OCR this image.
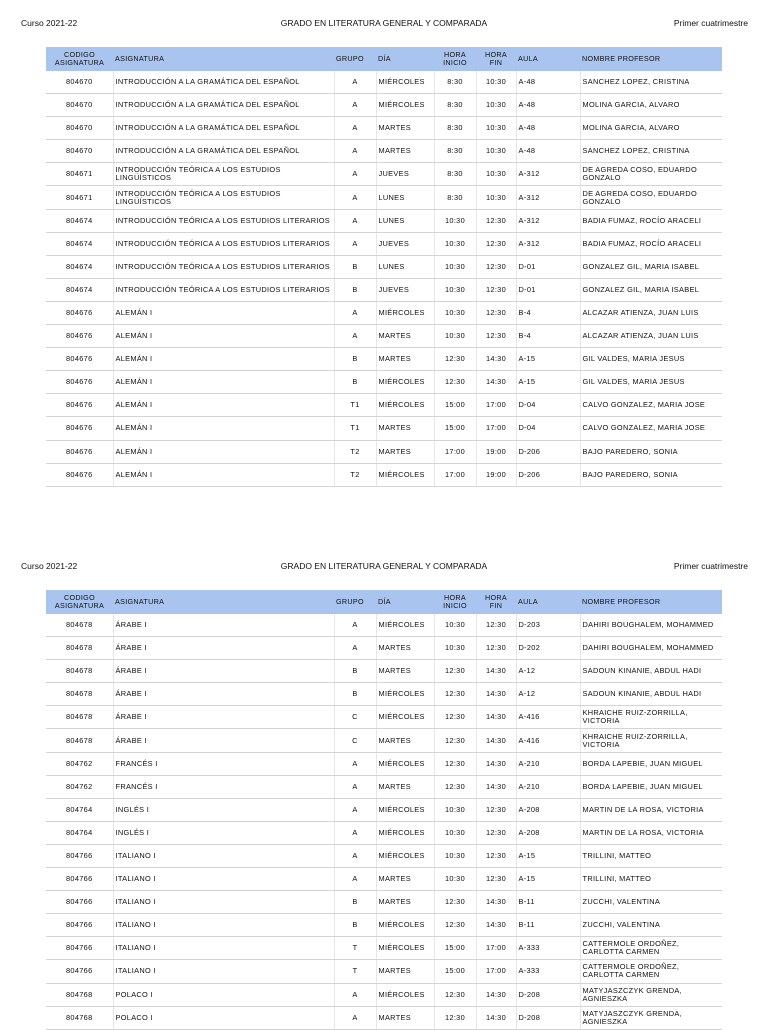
Curso 2021-22	GRADO EN LITERATURA GENERAL Y COMPARADA	Primer cuatrimestre
CODIGO ASIGNATURA	ASIGNATURA	GRUPO	DÍA	HORA INICIO	HORA FIN	AULA	NOMBRE PROFESOR
804670	INTRODUCCIÓN A LA GRAMÁTICA DEL ESPAÑOL	A	MIÉRCOLES	8:30	10:30	A-48	SANCHEZ LOPEZ, CRISTINA
804670	INTRODUCCIÓN A LA GRAMÁTICA DEL ESPAÑOL	A	MIÉRCOLES	8:30	10:30	A-48	MOLINA GARCIA, ALVARO
804670	INTRODUCCIÓN A LA GRAMÁTICA DEL ESPAÑOL	A	MARTES	8:30	10:30	A-48	MOLINA GARCIA, ALVARO
804670	INTRODUCCIÓN A LA GRAMÁTICA DEL ESPAÑOL	A	MARTES	8:30	10:30	A-48	SANCHEZ LOPEZ, CRISTINA
804671	INTRODUCCIÓN TEÓRICA A LOS ESTUDIOS LINGÜÍSTICOS	A	JUEVES	8:30	10:30	A-312	DE AGREDA COSO, EDUARDO GONZALO
804671	INTRODUCCIÓN TEÓRICA A LOS ESTUDIOS LINGÜÍSTICOS	A	LUNES	8:30	10:30	A-312	DE AGREDA COSO, EDUARDO GONZALO
804674	INTRODUCCIÓN TEÓRICA A LOS ESTUDIOS LITERARIOS	A	LUNES	10:30	12:30	A-312	BADIA FUMAZ, ROCÍO ARACELI
804674	INTRODUCCIÓN TEÓRICA A LOS ESTUDIOS LITERARIOS	A	JUEVES	10:30	12:30	A-312	BADIA FUMAZ, ROCÍO ARACELI
804674	INTRODUCCIÓN TEÓRICA A LOS ESTUDIOS LITERARIOS	B	LUNES	10:30	12:30	D-01	GONZALEZ GIL, MARIA ISABEL
804674	INTRODUCCIÓN TEÓRICA A LOS ESTUDIOS LITERARIOS	B	JUEVES	10:30	12:30	D-01	GONZALEZ GIL, MARIA ISABEL
804676	ALEMÁN I	A	MIÉRCOLES	10:30	12:30	B-4	ALCAZAR ATIENZA, JUAN LUIS
804676	ALEMÁN I	A	MARTES	10:30	12:30	B-4	ALCAZAR ATIENZA, JUAN LUIS
804676	ALEMÁN I	B	MARTES	12:30	14:30	A-15	GIL VALDES, MARIA JESUS
804676	ALEMÁN I	B	MIÉRCOLES	12:30	14:30	A-15	GIL VALDES, MARIA JESUS
804676	ALEMÁN I	T1	MIÉRCOLES	15:00	17:00	D-04	CALVO GONZALEZ, MARIA JOSE
804676	ALEMÁN I	T1	MARTES	15:00	17:00	D-04	CALVO GONZALEZ, MARIA JOSE
804676	ALEMÁN I	T2	MARTES	17:00	19:00	D-206	BAJO PAREDERO, SONIA
804676	ALEMÁN I	T2	MIÉRCOLES	17:00	19:00	D-206	BAJO PAREDERO, SONIA
Curso 2021-22	GRADO EN LITERATURA GENERAL Y COMPARADA	Primer cuatrimestre
CODIGO ASIGNATURA	ASIGNATURA	GRUPO	DÍA	HORA INICIO	HORA FIN	AULA	NOMBRE PROFESOR
804678	ÁRABE I	A	MIÉRCOLES	10:30	12:30	D-203	DAHIRI BOUGHALEM, MOHAMMED
804678	ÁRABE I	A	MARTES	10:30	12:30	D-202	DAHIRI BOUGHALEM, MOHAMMED
804678	ÁRABE I	B	MARTES	12:30	14:30	A-12	SADOUN KINANIE, ABDUL HADI
804678	ÁRABE I	B	MIÉRCOLES	12:30	14:30	A-12	SADOUN KINANIE, ABDUL HADI
804678	ÁRABE I	C	MIÉRCOLES	12:30	14:30	A-416	KHRAICHE RUIZ-ZORRILLA, VICTORIA
804678	ÁRABE I	C	MARTES	12:30	14:30	A-416	KHRAICHE RUIZ-ZORRILLA, VICTORIA
804762	FRANCÉS I	A	MIÉRCOLES	12:30	14:30	A-210	BORDA LAPEBIE, JUAN MIGUEL
804762	FRANCÉS I	A	MARTES	12:30	14:30	A-210	BORDA LAPEBIE, JUAN MIGUEL
804764	INGLÉS I	A	MIÉRCOLES	10:30	12:30	A-208	MARTIN DE LA ROSA, VICTORIA
804764	INGLÉS I	A	MIÉRCOLES	10:30	12:30	A-208	MARTIN DE LA ROSA, VICTORIA
804766	ITALIANO I	A	MIÉRCOLES	10:30	12:30	A-15	TRILLINI, MATTEO
804766	ITALIANO I	A	MARTES	10:30	12:30	A-15	TRILLINI, MATTEO
804766	ITALIANO I	B	MARTES	12:30	14:30	B-11	ZUCCHI, VALENTINA
804766	ITALIANO I	B	MIÉRCOLES	12:30	14:30	B-11	ZUCCHI, VALENTINA
804766	ITALIANO I	T	MIÉRCOLES	15:00	17:00	A-333	CATTERMOLE ORDOÑEZ, CARLOTTA CARMEN
804766	ITALIANO I	T	MARTES	15:00	17:00	A-333	CATTERMOLE ORDOÑEZ, CARLOTTA CARMEN
804768	POLACO I	A	MIÉRCOLES	12:30	14:30	D-208	MATYJASZCZYK GRENDA, AGNIESZKA
804768	POLACO I	A	MARTES	12:30	14:30	D-208	MATYJASZCZYK GRENDA, AGNIESZKA
